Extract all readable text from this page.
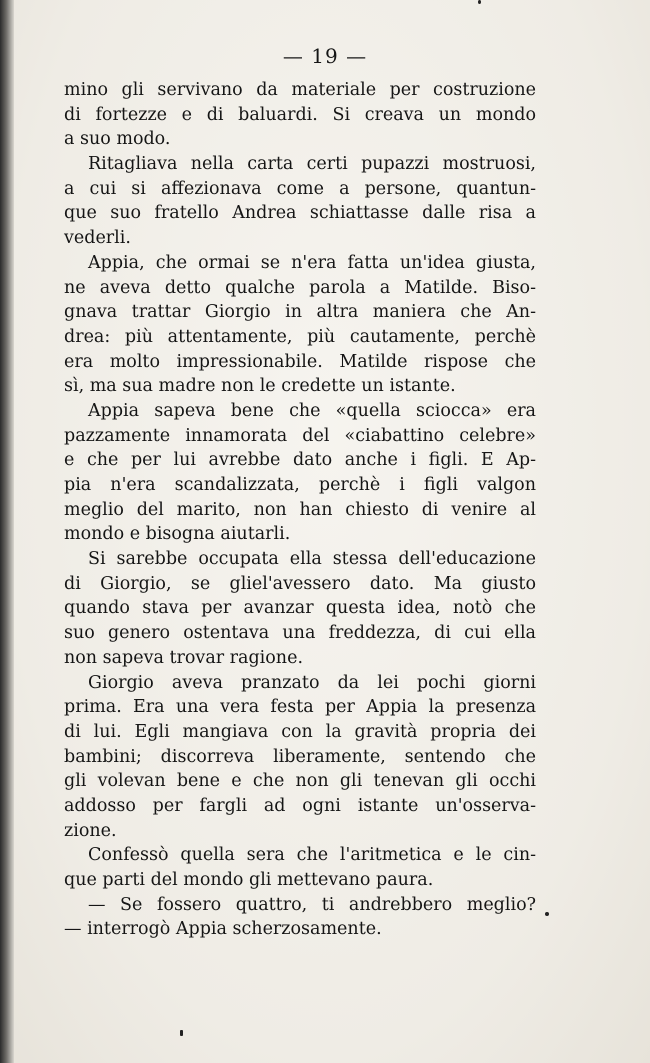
— 19 —
mino gli servivano da materiale per costruzione
di fortezze e di baluardi. Si creava un mondo
a suo modo.
Ritagliava nella carta certi pupazzi mostruosi,
a cui si affezionava come a persone, quantun-
que suo fratello Andrea schiattasse dalle risa a
vederli.
Appia, che ormai se n'era fatta un'idea giusta,
ne aveva detto qualche parola a Matilde. Biso-
gnava trattar Giorgio in altra maniera che An-
drea: più attentamente, più cautamente, perchè
era molto impressionabile. Matilde rispose che
sì, ma sua madre non le credette un istante.
Appia sapeva bene che «quella sciocca» era
pazzamente innamorata del «ciabattino celebre»
e che per lui avrebbe dato anche i figli. E Ap-
pia n'era scandalizzata, perchè i figli valgon
meglio del marito, non han chiesto di venire al
mondo e bisogna aiutarli.
Si sarebbe occupata ella stessa dell'educazione
di Giorgio, se gliel'avessero dato. Ma giusto
quando stava per avanzar questa idea, notò che
suo genero ostentava una freddezza, di cui ella
non sapeva trovar ragione.
Giorgio aveva pranzato da lei pochi giorni
prima. Era una vera festa per Appia la presenza
di lui. Egli mangiava con la gravità propria dei
bambini; discorreva liberamente, sentendo che
gli volevan bene e che non gli tenevan gli occhi
addosso per fargli ad ogni istante un'osserva-
zione.
Confessò quella sera che l'aritmetica e le cin-
que parti del mondo gli mettevano paura.
— Se fossero quattro, ti andrebbero meglio?
— interrogò Appia scherzosamente.
